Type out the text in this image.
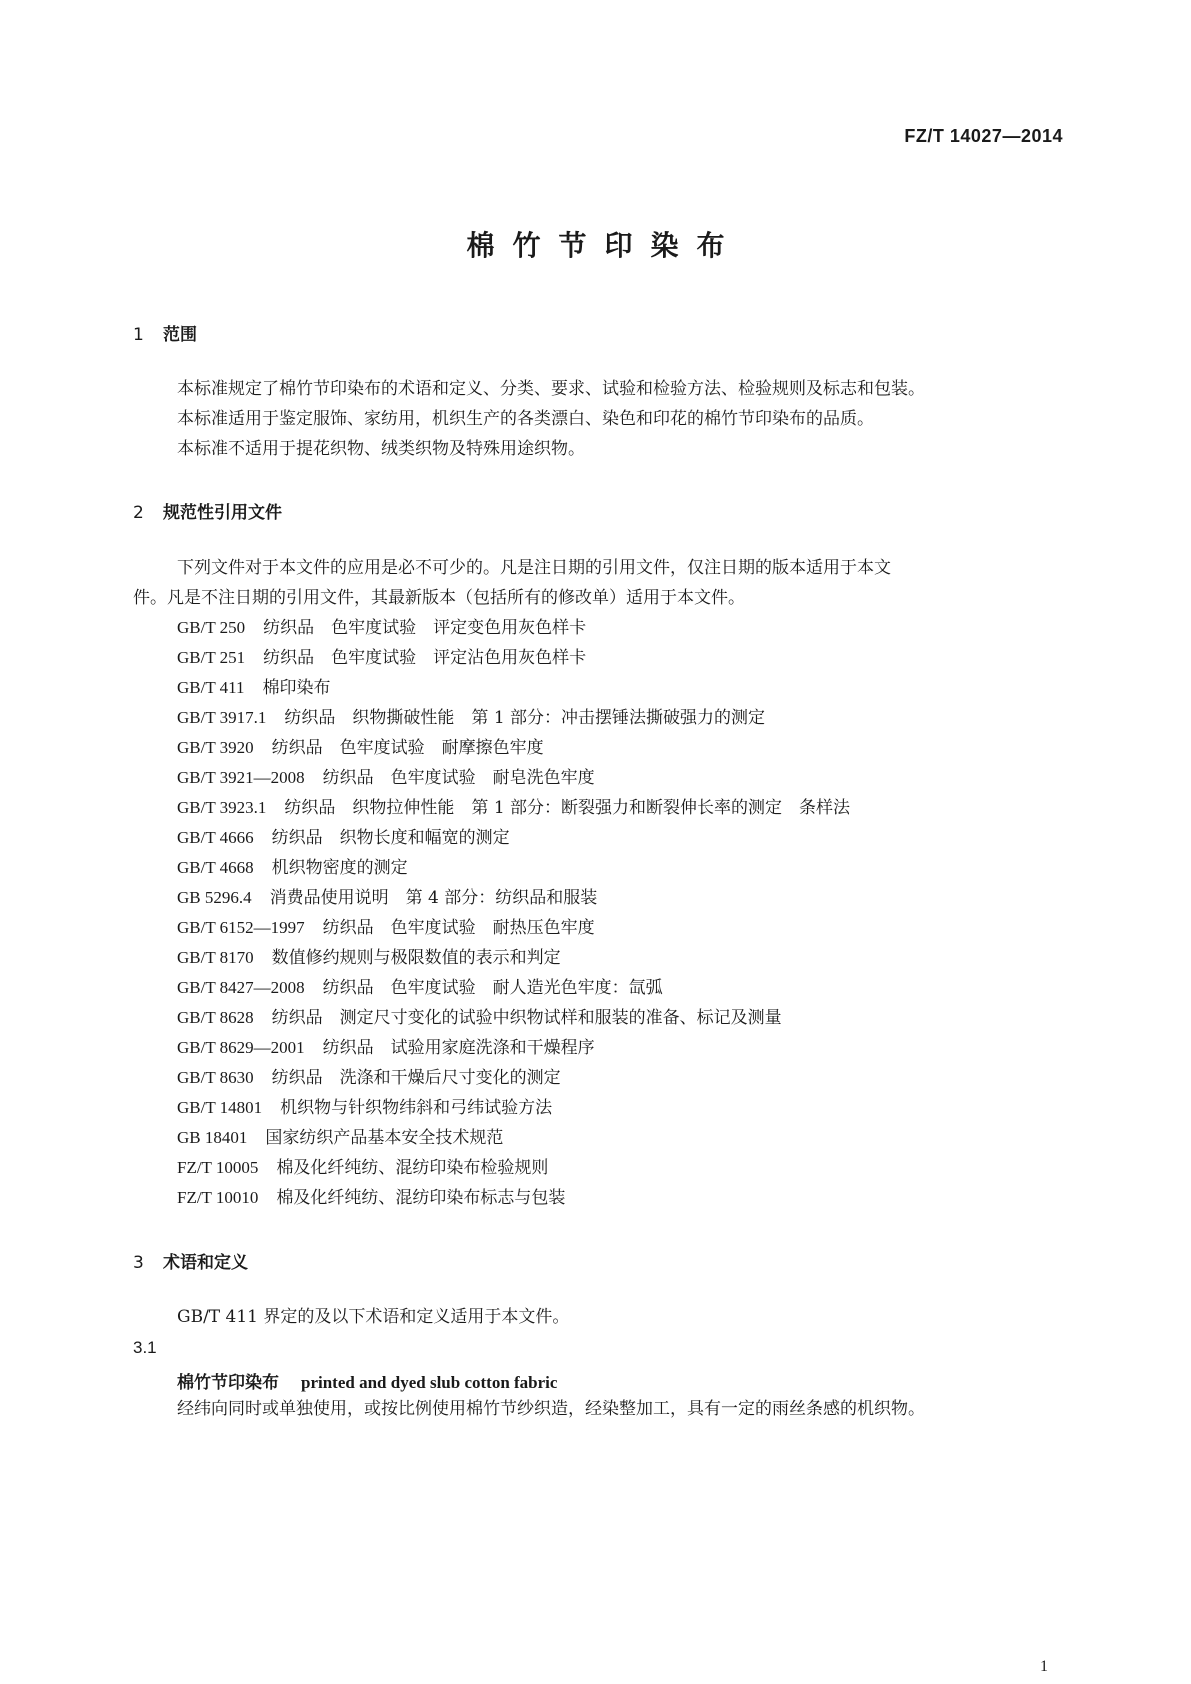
FZ/T 14027—2014

棉竹节印染布
1 范围

本标准规定了棉竹节印染布的术语和定义、分类、要求、试验和检验方法、检验规则及标志和包装。

本标准适用于鉴定服饰、家纺用，机织生产的各类漂白、染色和印花的棉竹节印染布的品质。

本标准不适用于提花织物、绒类织物及特殊用途织物。

2 规范性引用文件

下列文件对于本文件的应用是必不可少的。凡是注日期的引用文件，仅注日期的版本适用于本文

件。凡是不注日期的引用文件，其最新版本（包括所有的修改单）适用于本文件。

GB/T 250 纺织品　色牢度试验　评定变色用灰色样卡

GB/T 251 纺织品　色牢度试验　评定沾色用灰色样卡

GB/T 411 棉印染布

GB/T 3917.1 纺织品　织物撕破性能　第 1 部分：冲击摆锤法撕破强力的测定

GB/T 3920 纺织品　色牢度试验　耐摩擦色牢度

GB/T 3921—2008 纺织品　色牢度试验　耐皂洗色牢度

GB/T 3923.1 纺织品　织物拉伸性能　第 1 部分：断裂强力和断裂伸长率的测定　条样法

GB/T 4666 纺织品　织物长度和幅宽的测定

GB/T 4668 机织物密度的测定

GB 5296.4 消费品使用说明　第 4 部分：纺织品和服装

GB/T 6152—1997 纺织品　色牢度试验　耐热压色牢度

GB/T 8170 数值修约规则与极限数值的表示和判定

GB/T 8427—2008 纺织品　色牢度试验　耐人造光色牢度：氙弧

GB/T 8628 纺织品　测定尺寸变化的试验中织物试样和服装的准备、标记及测量

GB/T 8629—2001 纺织品　试验用家庭洗涤和干燥程序

GB/T 8630 纺织品　洗涤和干燥后尺寸变化的测定

GB/T 14801 机织物与针织物纬斜和弓纬试验方法

GB 18401 国家纺织产品基本安全技术规范

FZ/T 10005 棉及化纤纯纺、混纺印染布检验规则

FZ/T 10010 棉及化纤纯纺、混纺印染布标志与包装

3 术语和定义

GB/T 411 界定的及以下术语和定义适用于本文件。

3.1

棉竹节印染布 printed and dyed slub cotton fabric

经纬向同时或单独使用，或按比例使用棉竹节纱织造，经染整加工，具有一定的雨丝条感的机织物。

1
